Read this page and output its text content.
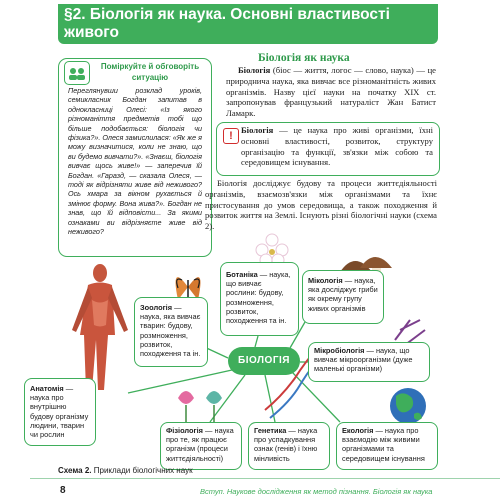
§2. Біологія як наука. Основні властивості живого
Поміркуйте й обговоріть ситуацію
Переглянувши розклад уроків, семикласник Богдан запитав в однокласниці Олесі: «Із якого різноманіття предметів тобі що більше подобається: біологія чи фізика?». Олеся замислилася: «Як же я можу визначитися, коли не знаю, що ви будемо вивчати?». «Знаєш, біологія вивчає щось живе!» — заперечив їй Богдан. «Гаразд, — сказала Олеся, — тоді як відрізняти живе від неживого? Ось хмара за вікном рухається й змінює форму. Вона жива?». Богдан не знав, що їй відповісти... За якими ознаками ви відрізняєте живе від неживого?
Біологія як наука
Біологія (біос — життя, логос — слово, наука) — це природнича наука, яка вивчає все різноманітність живих організмів. Назву цієї науки на початку XIX ст. запропонував французький натураліст Жан Батист Ламарк.
! Біологія — це наука про живі організми, їхні основні властивості, розвиток, структуру організацію та функції, зв'язки між собою та середовищем існування.
Біологія досліджує будову та процеси життєдіяльності організмів, взаємозв'язки між організмами та їхнє пристосування до умов середовища, а також походження й розвиток життя на Землі. Існують різні біологічні науки (схема 2).
Зоологія — наука, яка вивчає тварин: будову, розмноження, розвиток, походження та ін.
Ботаніка — наука, що вивчає рослини: будову, розмноження, розвиток, походження та ін.
Мікологія — наука, яка досліджує гриби як окрему групу живих організмів
Мікробіологія — наука, що вивчає мікроорганізми (дуже маленькі організми)
Анатомія — наука про внутрішню будову організму людини, тварин чи рослин	Фізіологія — наука про те, як працює організм (процеси життєдіяльності)
Генетика — наука про успадкування ознак (генів) і їхню мінливість
Екологія — наука про взаємодію між живими організмами та середовищем існування
БІОЛОГІЯ
Схема 2. Приклади біологічних наук
8	Вступ. Наукове дослідження як метод пізнання. Біологія як наука
